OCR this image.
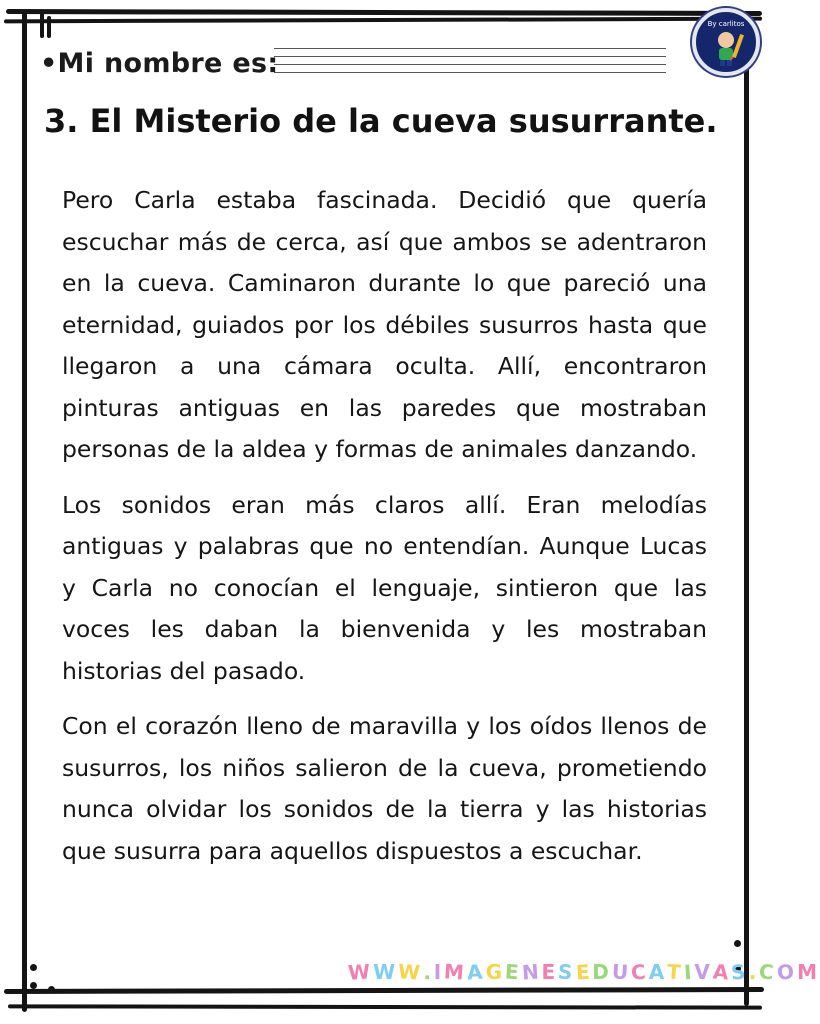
•Mi nombre es:
By carlitos
3. El Misterio de la cueva susurrante.

Pero Carla estaba fascinada. Decidió que quería escuchar más de cerca, así que ambos se adentraron en la cueva. Caminaron durante lo que pareció una eternidad, guiados por los débiles susurros hasta que llegaron a una cámara oculta. Allí, encontraron pinturas antiguas en las paredes que mostraban personas de la aldea y formas de animales danzando.

Los sonidos eran más claros allí. Eran melodías antiguas y palabras que no entendían. Aunque Lucas y Carla no conocían el lenguaje, sintieron que las voces les daban la bienvenida y les mostraban historias del pasado.

Con el corazón lleno de maravilla y los oídos llenos de susurros, los niños salieron de la cueva, prometiendo nunca olvidar los sonidos de la tierra y las historias que susurra para aquellos dispuestos a escuchar.

WWW.IMAGENESEDUCATIVAS.COM
